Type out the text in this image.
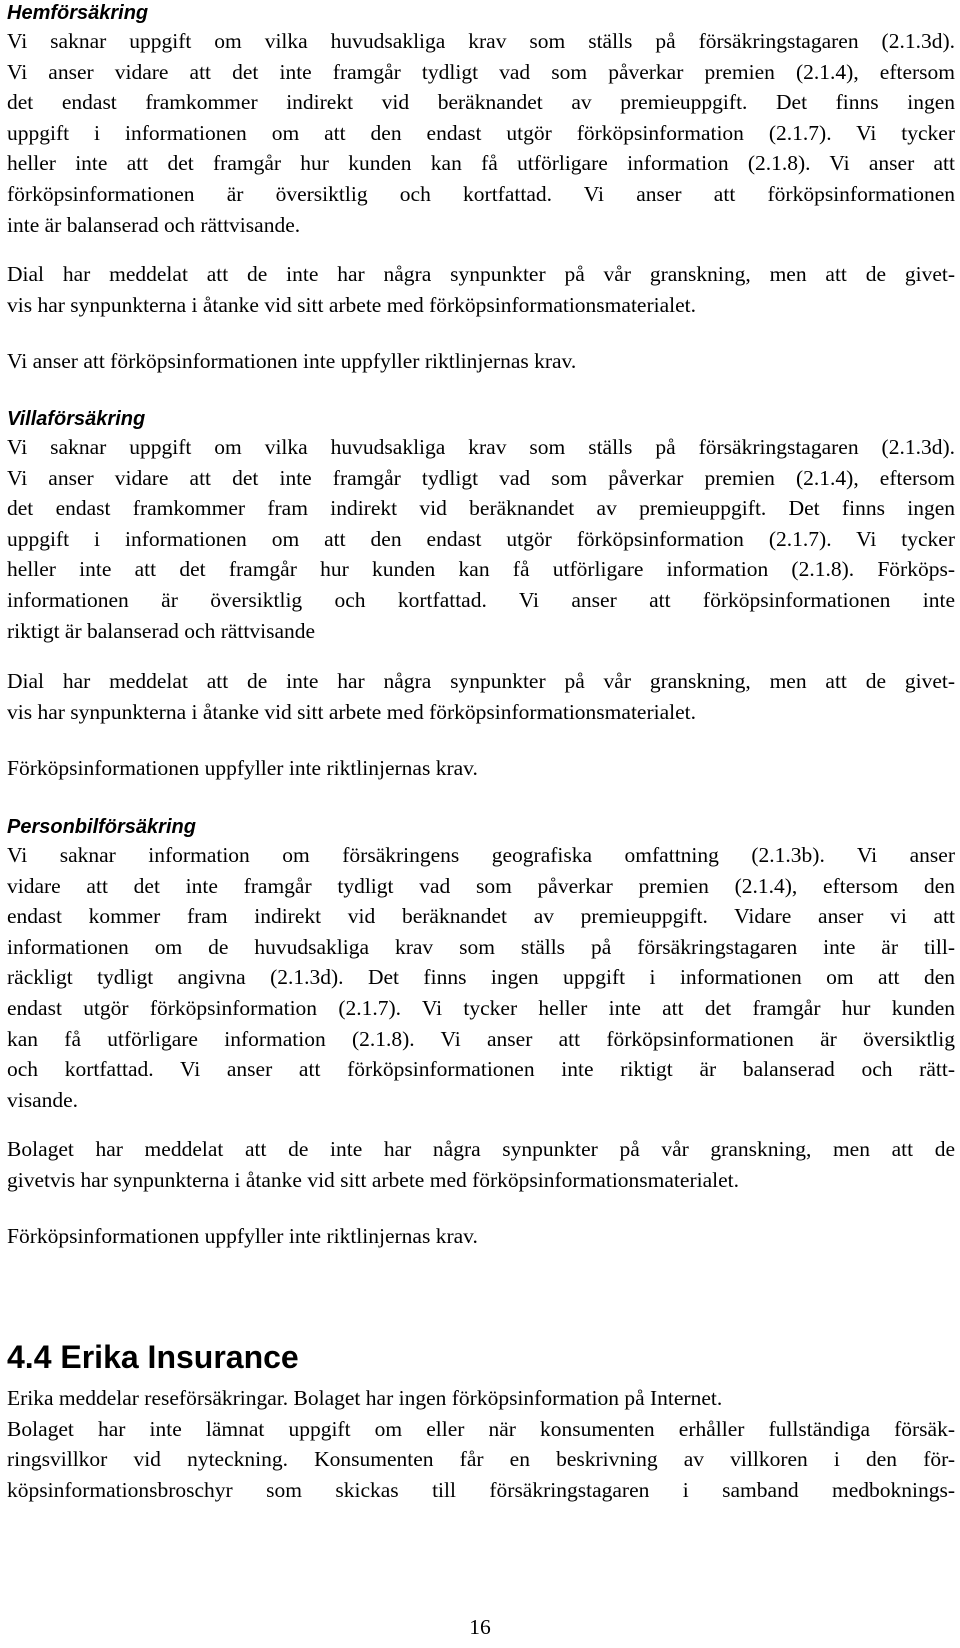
Hemförsäkring
Vi saknar uppgift om vilka huvudsakliga krav som ställs på försäkringstagaren (2.1.3d).
Vi anser vidare att det inte framgår tydligt vad som påverkar premien (2.1.4), eftersom
det endast framkommer indirekt vid beräknandet av premieuppgift. Det finns ingen
uppgift i informationen om att den endast utgör förköpsinformation (2.1.7). Vi tycker
heller inte att det framgår hur kunden kan få utförligare information (2.1.8). Vi anser att
förköpsinformationen är översiktlig och kortfattad. Vi anser att förköpsinformationen
inte är balanserad och rättvisande.
Dial har meddelat att de inte har några synpunkter på vår granskning, men att de givet-
vis har synpunkterna i åtanke vid sitt arbete med förköpsinformationsmaterialet.
Vi anser att förköpsinformationen inte uppfyller riktlinjernas krav.
Villaförsäkring
Vi saknar uppgift om vilka huvudsakliga krav som ställs på försäkringstagaren (2.1.3d).
Vi anser vidare att det inte framgår tydligt vad som påverkar premien (2.1.4), eftersom
det endast framkommer fram indirekt vid beräknandet av premieuppgift. Det finns ingen
uppgift i informationen om att den endast utgör förköpsinformation (2.1.7). Vi tycker
heller inte att det framgår hur kunden kan få utförligare information (2.1.8). Förköps-
informationen är översiktlig och kortfattad. Vi anser att förköpsinformationen inte
riktigt är balanserad och rättvisande
Dial har meddelat att de inte har några synpunkter på vår granskning, men att de givet-
vis har synpunkterna i åtanke vid sitt arbete med förköpsinformationsmaterialet.
Förköpsinformationen uppfyller inte riktlinjernas krav.
Personbilförsäkring
Vi saknar information om försäkringens geografiska omfattning (2.1.3b). Vi anser
vidare att det inte framgår tydligt vad som påverkar premien (2.1.4), eftersom den
endast kommer fram indirekt vid beräknandet av premieuppgift. Vidare anser vi att
informationen om de huvudsakliga krav som ställs på försäkringstagaren inte är till-
räckligt tydligt angivna (2.1.3d). Det finns ingen uppgift i informationen om att den
endast utgör förköpsinformation (2.1.7). Vi tycker heller inte att det framgår hur kunden
kan få utförligare information (2.1.8). Vi anser att förköpsinformationen är översiktlig
och kortfattad. Vi anser att förköpsinformationen inte riktigt är balanserad och rätt-
visande.
Bolaget har meddelat att de inte har några synpunkter på vår granskning, men att de
givetvis har synpunkterna i åtanke vid sitt arbete med förköpsinformationsmaterialet.
Förköpsinformationen uppfyller inte riktlinjernas krav.
4.4 Erika Insurance
Erika meddelar reseförsäkringar. Bolaget har ingen förköpsinformation på Internet.
Bolaget har inte lämnat uppgift om eller när konsumenten erhåller fullständiga försäk-
ringsvillkor vid nyteckning. Konsumenten får en beskrivning av villkoren i den för-
köpsinformationsbroschyr som skickas till försäkringstagaren i samband medboknings-
16
